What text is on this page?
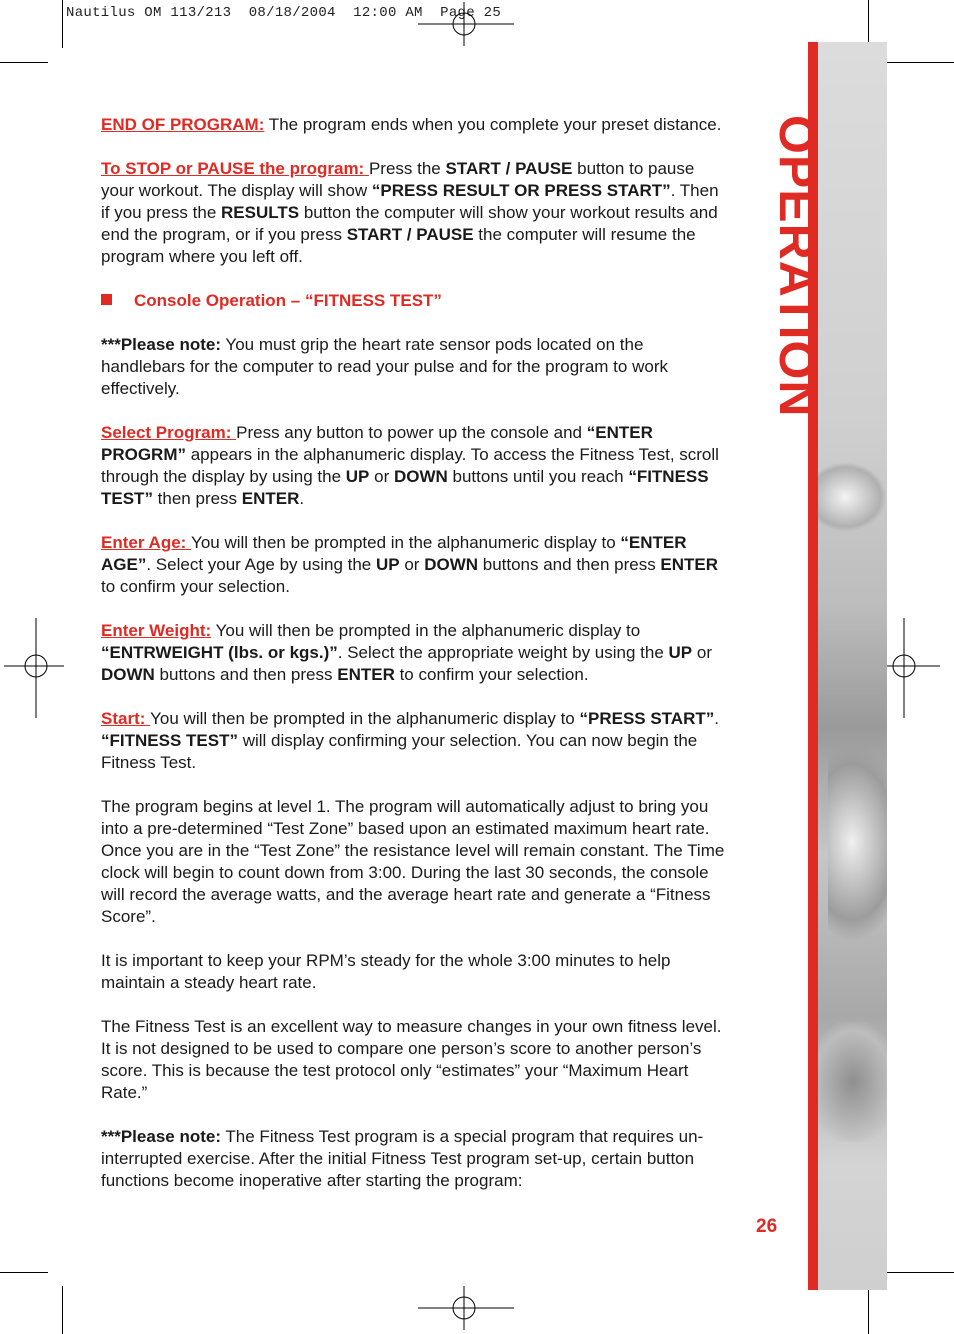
Nautilus OM 113/213  08/18/2004  12:00 AM  Page 25
OPERATION

END OF PROGRAM: The program ends when you complete your preset distance.

To STOP or PAUSE the program: Press the START / PAUSE button to pause your workout. The display will show “PRESS RESULT OR PRESS START”. Then if you press the RESULTS button the computer will show your workout results and end the program, or if you press START / PAUSE the computer will resume the program where you left off.

Console Operation – “FITNESS TEST”

***Please note: You must grip the heart rate sensor pods located on the handlebars for the computer to read your pulse and for the program to work effectively.

Select Program: Press any button to power up the console and “ENTER PROGRM” appears in the alphanumeric display. To access the Fitness Test, scroll through the display by using the UP or DOWN buttons until you reach “FITNESS TEST” then press ENTER.

Enter Age: You will then be prompted in the alphanumeric display to “ENTER AGE”. Select your Age by using the UP or DOWN buttons and then press ENTER to confirm your selection.

Enter Weight: You will then be prompted in the alphanumeric display to “ENTRWEIGHT (lbs. or kgs.)”. Select the appropriate weight by using the UP or DOWN buttons and then press ENTER to confirm your selection.

Start: You will then be prompted in the alphanumeric display to “PRESS START”. “FITNESS TEST” will display confirming your selection. You can now begin the Fitness Test.

The program begins at level 1. The program will automatically adjust to bring you into a pre-determined “Test Zone” based upon an estimated maximum heart rate. Once you are in the “Test Zone” the resistance level will remain constant. The Time clock will begin to count down from 3:00. During the last 30 seconds, the console will record the average watts, and the average heart rate and generate a “Fitness Score”.

It is important to keep your RPM’s steady for the whole 3:00 minutes to help maintain a steady heart rate.

The Fitness Test is an excellent way to measure changes in your own fitness level. It is not designed to be used to compare one person’s score to another person’s score. This is because the test protocol only “estimates” your “Maximum Heart Rate.”

***Please note: The Fitness Test program is a special program that requires un-interrupted exercise. After the initial Fitness Test program set-up, certain button functions become inoperative after starting the program:

26
